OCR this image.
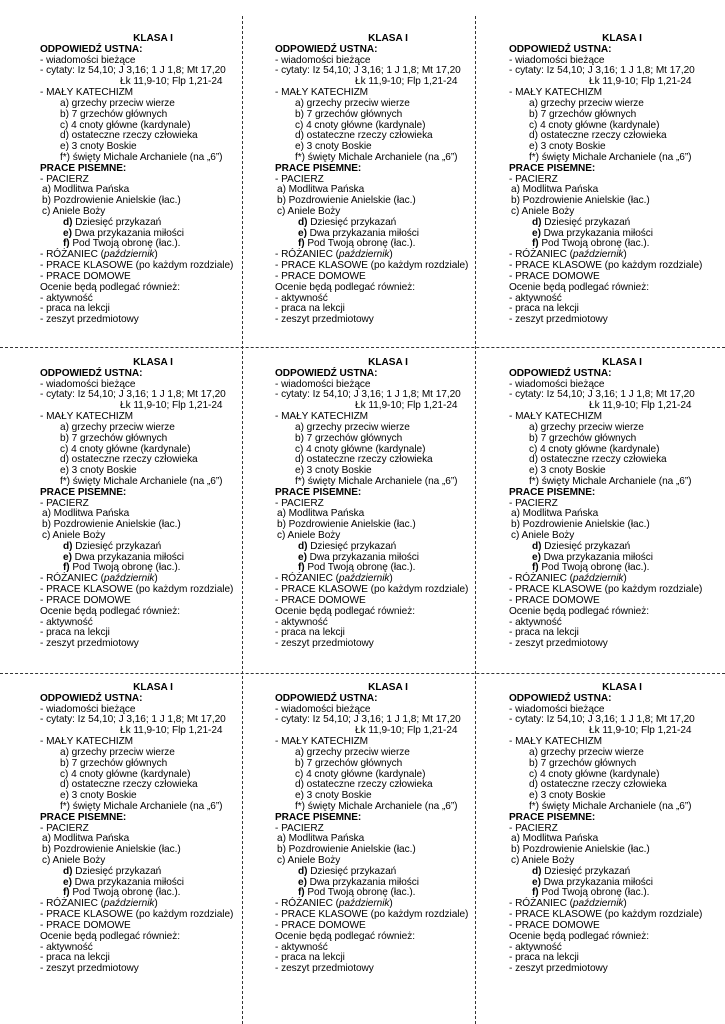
KLASA I
ODPOWIEDŹ USTNA:
- wiadomości bieżące
- cytaty: Iz 54,10; J 3,16; 1 J 1,8; Mt 17,20
Łk 11,9-10; Flp 1,21-24
- MAŁY KATECHIZM
a) grzechy przeciw wierze
b) 7 grzechów głównych
c) 4 cnoty główne (kardynale)
d) ostateczne rzeczy człowieka
e) 3 cnoty Boskie
f*) święty Michale Archaniele (na „6”)
PRACE PISEMNE:
- PACIERZ
a) Modlitwa Pańska
b) Pozdrowienie Anielskie (łac.)
c) Aniele Boży
d) Dziesięć przykazań
e) Dwa przykazania miłości
f) Pod Twoją obronę (łac.).
- RÓŻANIEC (październik)
- PRACE KLASOWE (po każdym rozdziale)
- PRACE DOMOWE
Ocenie będą podlegać również:
- aktywność
- praca na lekcji
- zeszyt przedmiotowy
KLASA I
ODPOWIEDŹ USTNA:
- wiadomości bieżące
- cytaty: Iz 54,10; J 3,16; 1 J 1,8; Mt 17,20
Łk 11,9-10; Flp 1,21-24
- MAŁY KATECHIZM
a) grzechy przeciw wierze
b) 7 grzechów głównych
c) 4 cnoty główne (kardynale)
d) ostateczne rzeczy człowieka
e) 3 cnoty Boskie
f*) święty Michale Archaniele (na „6”)
PRACE PISEMNE:
- PACIERZ
a) Modlitwa Pańska
b) Pozdrowienie Anielskie (łac.)
c) Aniele Boży
d) Dziesięć przykazań
e) Dwa przykazania miłości
f) Pod Twoją obronę (łac.).
- RÓŻANIEC (październik)
- PRACE KLASOWE (po każdym rozdziale)
- PRACE DOMOWE
Ocenie będą podlegać również:
- aktywność
- praca na lekcji
- zeszyt przedmiotowy
KLASA I
ODPOWIEDŹ USTNA:
- wiadomości bieżące
- cytaty: Iz 54,10; J 3,16; 1 J 1,8; Mt 17,20
Łk 11,9-10; Flp 1,21-24
- MAŁY KATECHIZM
a) grzechy przeciw wierze
b) 7 grzechów głównych
c) 4 cnoty główne (kardynale)
d) ostateczne rzeczy człowieka
e) 3 cnoty Boskie
f*) święty Michale Archaniele (na „6”)
PRACE PISEMNE:
- PACIERZ
a) Modlitwa Pańska
b) Pozdrowienie Anielskie (łac.)
c) Aniele Boży
d) Dziesięć przykazań
e) Dwa przykazania miłości
f) Pod Twoją obronę (łac.).
- RÓŻANIEC (październik)
- PRACE KLASOWE (po każdym rozdziale)
- PRACE DOMOWE
Ocenie będą podlegać również:
- aktywność
- praca na lekcji
- zeszyt przedmiotowy
KLASA I
ODPOWIEDŹ USTNA:
- wiadomości bieżące
- cytaty: Iz 54,10; J 3,16; 1 J 1,8; Mt 17,20
Łk 11,9-10; Flp 1,21-24
- MAŁY KATECHIZM
a) grzechy przeciw wierze
b) 7 grzechów głównych
c) 4 cnoty główne (kardynale)
d) ostateczne rzeczy człowieka
e) 3 cnoty Boskie
f*) święty Michale Archaniele (na „6”)
PRACE PISEMNE:
- PACIERZ
a) Modlitwa Pańska
b) Pozdrowienie Anielskie (łac.)
c) Aniele Boży
d) Dziesięć przykazań
e) Dwa przykazania miłości
f) Pod Twoją obronę (łac.).
- RÓŻANIEC (październik)
- PRACE KLASOWE (po każdym rozdziale)
- PRACE DOMOWE
Ocenie będą podlegać również:
- aktywność
- praca na lekcji
- zeszyt przedmiotowy
KLASA I
ODPOWIEDŹ USTNA:
- wiadomości bieżące
- cytaty: Iz 54,10; J 3,16; 1 J 1,8; Mt 17,20
Łk 11,9-10; Flp 1,21-24
- MAŁY KATECHIZM
a) grzechy przeciw wierze
b) 7 grzechów głównych
c) 4 cnoty główne (kardynale)
d) ostateczne rzeczy człowieka
e) 3 cnoty Boskie
f*) święty Michale Archaniele (na „6”)
PRACE PISEMNE:
- PACIERZ
a) Modlitwa Pańska
b) Pozdrowienie Anielskie (łac.)
c) Aniele Boży
d) Dziesięć przykazań
e) Dwa przykazania miłości
f) Pod Twoją obronę (łac.).
- RÓŻANIEC (październik)
- PRACE KLASOWE (po każdym rozdziale)
- PRACE DOMOWE
Ocenie będą podlegać również:
- aktywność
- praca na lekcji
- zeszyt przedmiotowy
KLASA I
ODPOWIEDŹ USTNA:
- wiadomości bieżące
- cytaty: Iz 54,10; J 3,16; 1 J 1,8; Mt 17,20
Łk 11,9-10; Flp 1,21-24
- MAŁY KATECHIZM
a) grzechy przeciw wierze
b) 7 grzechów głównych
c) 4 cnoty główne (kardynale)
d) ostateczne rzeczy człowieka
e) 3 cnoty Boskie
f*) święty Michale Archaniele (na „6”)
PRACE PISEMNE:
- PACIERZ
a) Modlitwa Pańska
b) Pozdrowienie Anielskie (łac.)
c) Aniele Boży
d) Dziesięć przykazań
e) Dwa przykazania miłości
f) Pod Twoją obronę (łac.).
- RÓŻANIEC (październik)
- PRACE KLASOWE (po każdym rozdziale)
- PRACE DOMOWE
Ocenie będą podlegać również:
- aktywność
- praca na lekcji
- zeszyt przedmiotowy
KLASA I
ODPOWIEDŹ USTNA:
- wiadomości bieżące
- cytaty: Iz 54,10; J 3,16; 1 J 1,8; Mt 17,20
Łk 11,9-10; Flp 1,21-24
- MAŁY KATECHIZM
a) grzechy przeciw wierze
b) 7 grzechów głównych
c) 4 cnoty główne (kardynale)
d) ostateczne rzeczy człowieka
e) 3 cnoty Boskie
f*) święty Michale Archaniele (na „6”)
PRACE PISEMNE:
- PACIERZ
a) Modlitwa Pańska
b) Pozdrowienie Anielskie (łac.)
c) Aniele Boży
d) Dziesięć przykazań
e) Dwa przykazania miłości
f) Pod Twoją obronę (łac.).
- RÓŻANIEC (październik)
- PRACE KLASOWE (po każdym rozdziale)
- PRACE DOMOWE
Ocenie będą podlegać również:
- aktywność
- praca na lekcji
- zeszyt przedmiotowy
KLASA I
ODPOWIEDŹ USTNA:
- wiadomości bieżące
- cytaty: Iz 54,10; J 3,16; 1 J 1,8; Mt 17,20
Łk 11,9-10; Flp 1,21-24
- MAŁY KATECHIZM
a) grzechy przeciw wierze
b) 7 grzechów głównych
c) 4 cnoty główne (kardynale)
d) ostateczne rzeczy człowieka
e) 3 cnoty Boskie
f*) święty Michale Archaniele (na „6”)
PRACE PISEMNE:
- PACIERZ
a) Modlitwa Pańska
b) Pozdrowienie Anielskie (łac.)
c) Aniele Boży
d) Dziesięć przykazań
e) Dwa przykazania miłości
f) Pod Twoją obronę (łac.).
- RÓŻANIEC (październik)
- PRACE KLASOWE (po każdym rozdziale)
- PRACE DOMOWE
Ocenie będą podlegać również:
- aktywność
- praca na lekcji
- zeszyt przedmiotowy
KLASA I
ODPOWIEDŹ USTNA:
- wiadomości bieżące
- cytaty: Iz 54,10; J 3,16; 1 J 1,8; Mt 17,20
Łk 11,9-10; Flp 1,21-24
- MAŁY KATECHIZM
a) grzechy przeciw wierze
b) 7 grzechów głównych
c) 4 cnoty główne (kardynale)
d) ostateczne rzeczy człowieka
e) 3 cnoty Boskie
f*) święty Michale Archaniele (na „6”)
PRACE PISEMNE:
- PACIERZ
a) Modlitwa Pańska
b) Pozdrowienie Anielskie (łac.)
c) Aniele Boży
d) Dziesięć przykazań
e) Dwa przykazania miłości
f) Pod Twoją obronę (łac.).
- RÓŻANIEC (październik)
- PRACE KLASOWE (po każdym rozdziale)
- PRACE DOMOWE
Ocenie będą podlegać również:
- aktywność
- praca na lekcji
- zeszyt przedmiotowy
